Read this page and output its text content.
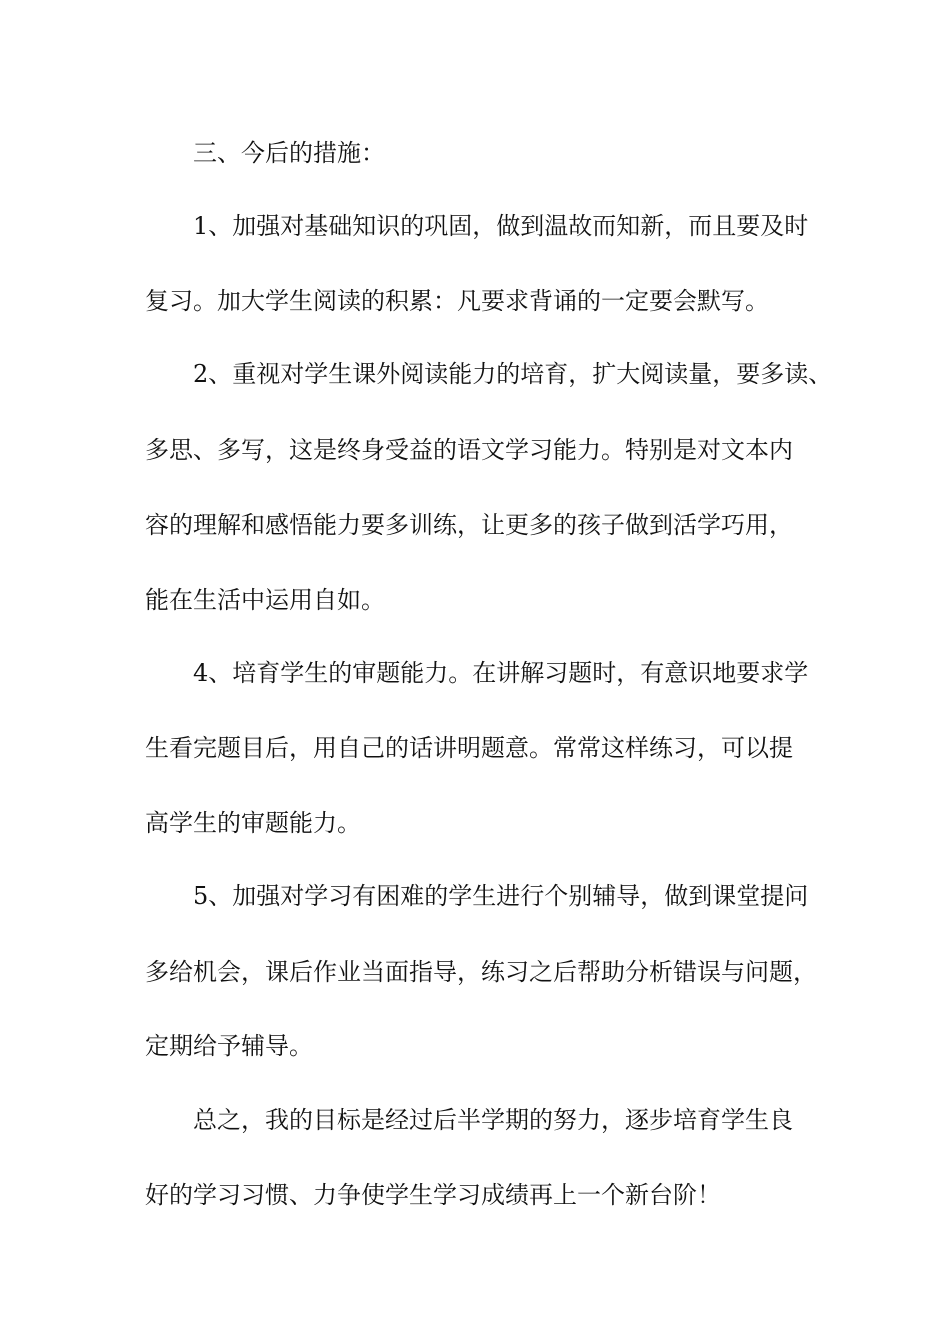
三、今后的措施：
1、加强对基础知识的巩固，做到温故而知新，而且要及时
复习。加大学生阅读的积累：凡要求背诵的一定要会默写。
2、重视对学生课外阅读能力的培育，扩大阅读量，要多读、
多思、多写，这是终身受益的语文学习能力。特别是对文本内
容的理解和感悟能力要多训练，让更多的孩子做到活学巧用，
能在生活中运用自如。
4、培育学生的审题能力。在讲解习题时，有意识地要求学
生看完题目后，用自己的话讲明题意。常常这样练习，可以提
高学生的审题能力。
5、加强对学习有困难的学生进行个别辅导，做到课堂提问
多给机会，课后作业当面指导，练习之后帮助分析错误与问题，
定期给予辅导。
总之，我的目标是经过后半学期的努力，逐步培育学生良
好的学习习惯、力争使学生学习成绩再上一个新台阶！
